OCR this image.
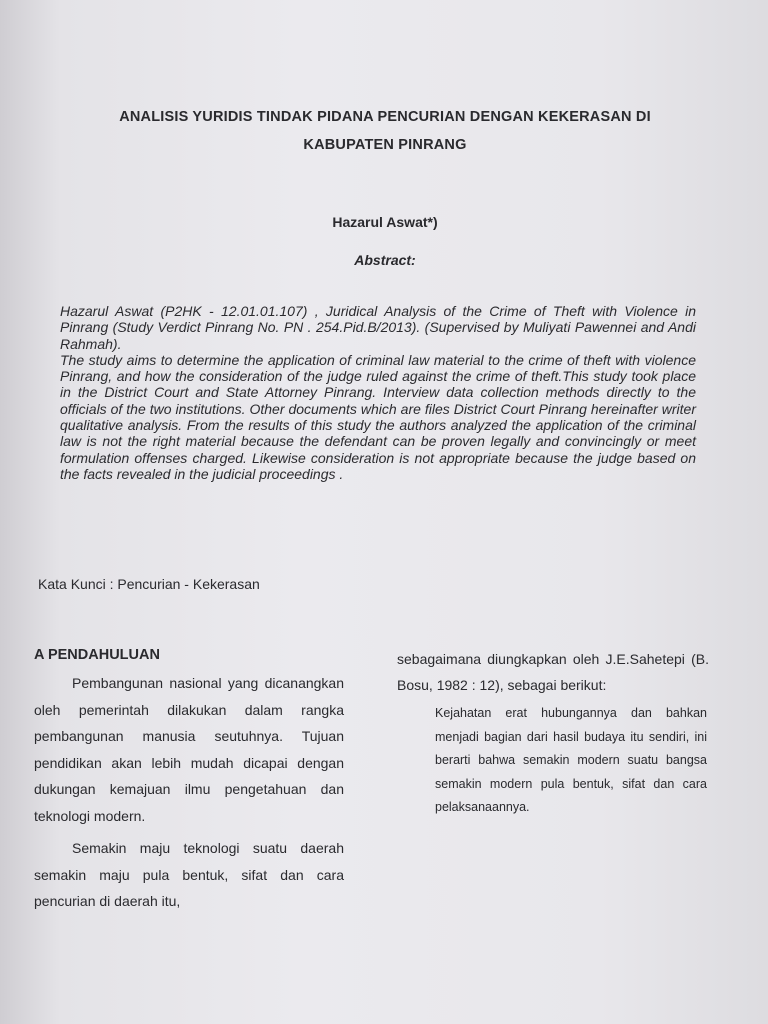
ANALISIS YURIDIS TINDAK PIDANA PENCURIAN DENGAN KEKERASAN DI
KABUPATEN PINRANG
Hazarul Aswat*)
Abstract:

Hazarul Aswat (P2HK - 12.01.01.107) , Juridical Analysis of the Crime of Theft with Violence in Pinrang (Study Verdict Pinrang No. PN . 254.Pid.B/2013). (Supervised by Muliyati Pawennei and Andi Rahmah).

The study aims to determine the application of criminal law material to the crime of theft with violence Pinrang, and how the consideration of the judge ruled against the crime of theft.This study took place in the District Court and State Attorney Pinrang. Interview data collection methods directly to the officials of the two institutions. Other documents which are files District Court Pinrang hereinafter writer qualitative analysis. From the results of this study the authors analyzed the application of the criminal law is not the right material because the defendant can be proven legally and convincingly or meet formulation offenses charged. Likewise consideration is not appropriate because the judge based on the facts revealed in the judicial proceedings .

Kata Kunci : Pencurian - Kekerasan
A PENDAHULUAN

Pembangunan nasional yang dicanangkan oleh pemerintah dilakukan dalam rangka pembangunan manusia seutuhnya. Tujuan pendidikan akan lebih mudah dicapai dengan dukungan kemajuan ilmu pengetahuan dan teknologi modern.

Semakin maju teknologi suatu daerah semakin maju pula bentuk, sifat dan cara pencurian di daerah itu,

sebagaimana diungkapkan oleh J.E.Sahetepi (B. Bosu, 1982 : 12), sebagai berikut:

Kejahatan erat hubungannya dan bahkan menjadi bagian dari hasil budaya itu sendiri, ini berarti bahwa semakin modern suatu bangsa semakin modern pula bentuk, sifat dan cara pelaksanaannya.
